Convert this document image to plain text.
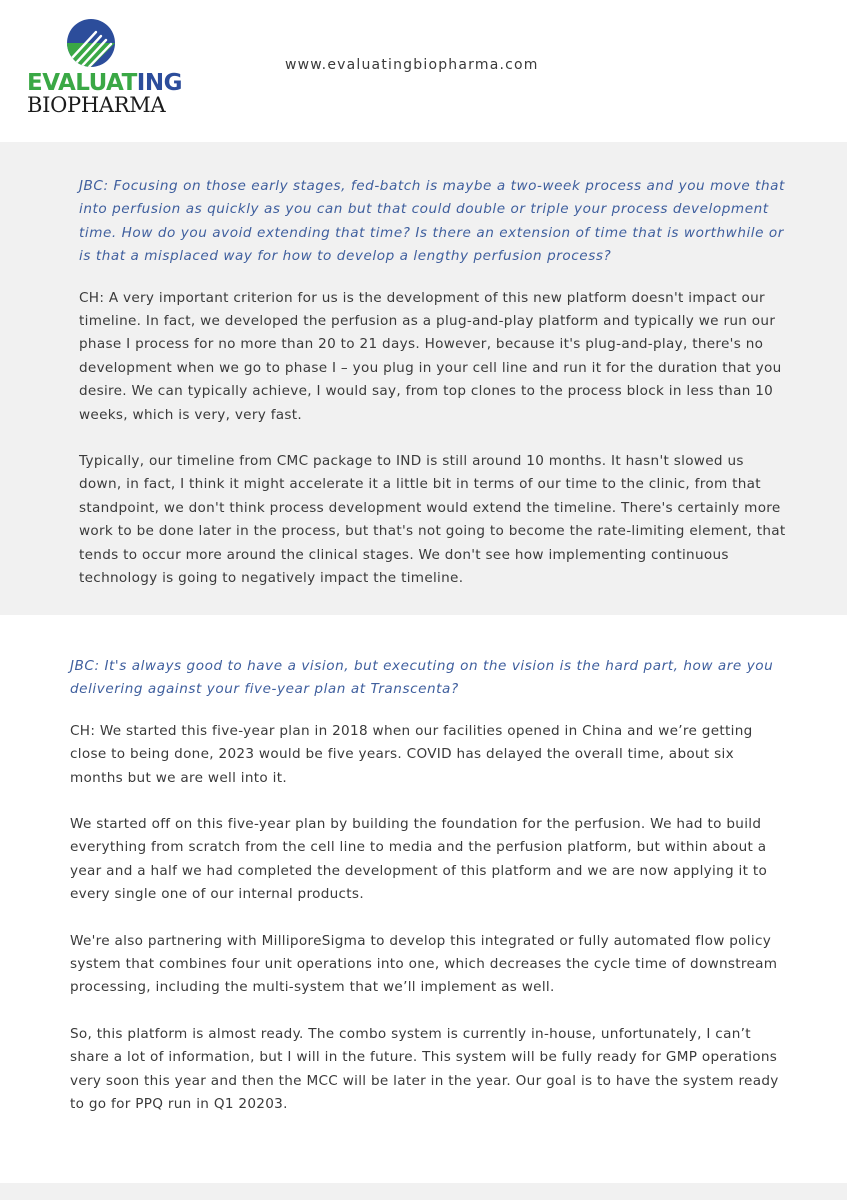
EVALUATING
BIOPHARMA
www.evaluatingbiopharma.com

JBC: Focusing on those early stages, fed-batch is maybe a two-week process and you move that into perfusion as quickly as you can but that could double or triple your process development time. How do you avoid extending that time? Is there an extension of time that is worthwhile or is that a misplaced way for how to develop a lengthy perfusion process?

CH: A very important criterion for us is the development of this new platform doesn't impact our timeline. In fact, we developed the perfusion as a plug-and-play platform and typically we run our phase I process for no more than 20 to 21 days. However, because it's plug-and-play, there's no development when we go to phase I – you plug in your cell line and run it for the duration that you desire. We can typically achieve, I would say, from top clones to the process block in less than 10 weeks, which is very, very fast.

Typically, our timeline from CMC package to IND is still around 10 months. It hasn't slowed us down, in fact, I think it might accelerate it a little bit in terms of our time to the clinic, from that standpoint, we don't think process development would extend the timeline. There's certainly more work to be done later in the process, but that's not going to become the rate-limiting element, that tends to occur more around the clinical stages. We don't see how implementing continuous technology is going to negatively impact the timeline.

JBC: It's always good to have a vision, but executing on the vision is the hard part, how are you delivering against your five-year plan at Transcenta?

CH: We started this five-year plan in 2018 when our facilities opened in China and we’re getting close to being done, 2023 would be five years. COVID has delayed the overall time, about six months but we are well into it.

We started off on this five-year plan by building the foundation for the perfusion. We had to build everything from scratch from the cell line to media and the perfusion platform, but within about a year and a half we had completed the development of this platform and we are now applying it to every single one of our internal products.

We're also partnering with MilliporeSigma to develop this integrated or fully automated flow policy system that combines four unit operations into one, which decreases the cycle time of downstream processing, including the multi-system that we’ll implement as well.

So, this platform is almost ready. The combo system is currently in-house, unfortunately, I can’t share a lot of information, but I will in the future. This system will be fully ready for GMP operations very soon this year and then the MCC will be later in the year. Our goal is to have the system ready to go for PPQ run in Q1 20203.
